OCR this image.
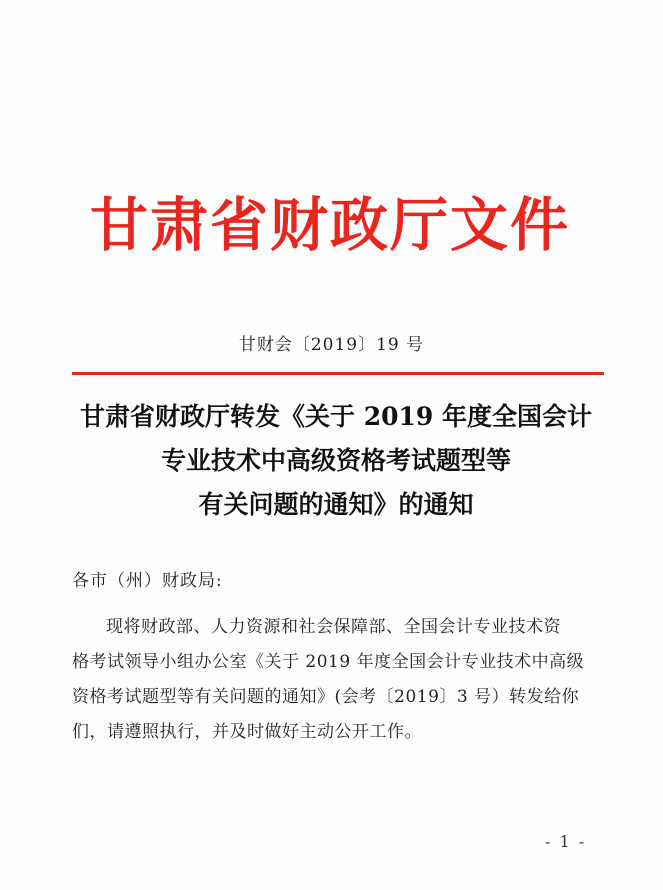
甘肃省财政厅文件
甘财会〔2019〕19 号
甘肃省财政厅转发《关于 2019 年度全国会计
专业技术中高级资格考试题型等
有关问题的通知》的通知
各市（州）财政局:
现将财政部、人力资源和社会保障部、全国会计专业技术资
格考试领导小组办公室《关于 2019 年度全国会计专业技术中高级
资格考试题型等有关问题的通知》(会考〔2019〕3 号）转发给你
们，请遵照执行，并及时做好主动公开工作。
- 1 -
